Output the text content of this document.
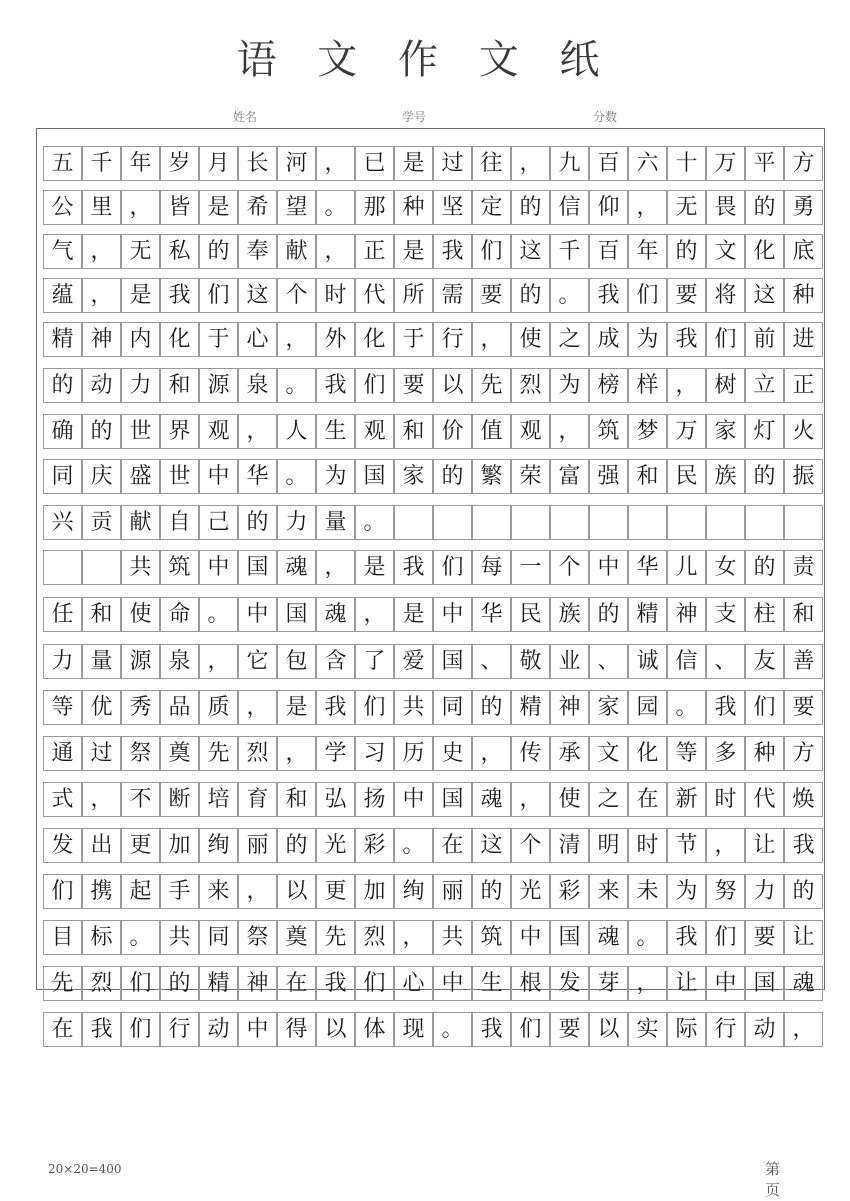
语 文 作 文 纸
姓名	学号	分数
五 千 年 岁 月 长 河 ， 已 是 过 往 ， 九 百 六 十 万 平 方
公 里 ， 皆 是 希 望 。 那 种 坚 定 的 信 仰 ， 无 畏 的 勇
气 ， 无 私 的 奉 献 ， 正 是 我 们 这 千 百 年 的 文 化 底
蕴 ， 是 我 们 这 个 时 代 所 需 要 的 。 我 们 要 将 这 种
精 神 内 化 于 心 ， 外 化 于 行 ， 使 之 成 为 我 们 前 进
的 动 力 和 源 泉 。 我 们 要 以 先 烈 为 榜 样 ， 树 立 正
确 的 世 界 观 ， 人 生 观 和 价 值 观 ， 筑 梦 万 家 灯 火
同 庆 盛 世 中 华 。 为 国 家 的 繁 荣 富 强 和 民 族 的 振
兴 贡 献 自 己 的 力 量 。
共 筑 中 国 魂 ， 是 我 们 每 一 个 中 华 儿 女 的 责
任 和 使 命 。 中 国 魂 ， 是 中 华 民 族 的 精 神 支 柱 和
力 量 源 泉 ， 它 包 含 了 爱 国 、 敬 业 、 诚 信 、 友 善
等 优 秀 品 质 ， 是 我 们 共 同 的 精 神 家 园 。 我 们 要
通 过 祭 奠 先 烈 ， 学 习 历 史 ， 传 承 文 化 等 多 种 方
式 ， 不 断 培 育 和 弘 扬 中 国 魂 ， 使 之 在 新 时 代 焕
发 出 更 加 绚 丽 的 光 彩 。 在 这 个 清 明 时 节 ， 让 我
们 携 起 手 来 ， 以 更 加 绚 丽 的 光 彩 来 未 为 努 力 的
目 标 。 共 同 祭 奠 先 烈 ， 共 筑 中 国 魂 。 我 们 要 让
先 烈 们 的 精 神 在 我 们 心 中 生 根 发 芽 ， 让 中 国 魂
在 我 们 行 动 中 得 以 体 现 。 我 们 要 以 实 际 行 动 ，
20×20=400	第 页
